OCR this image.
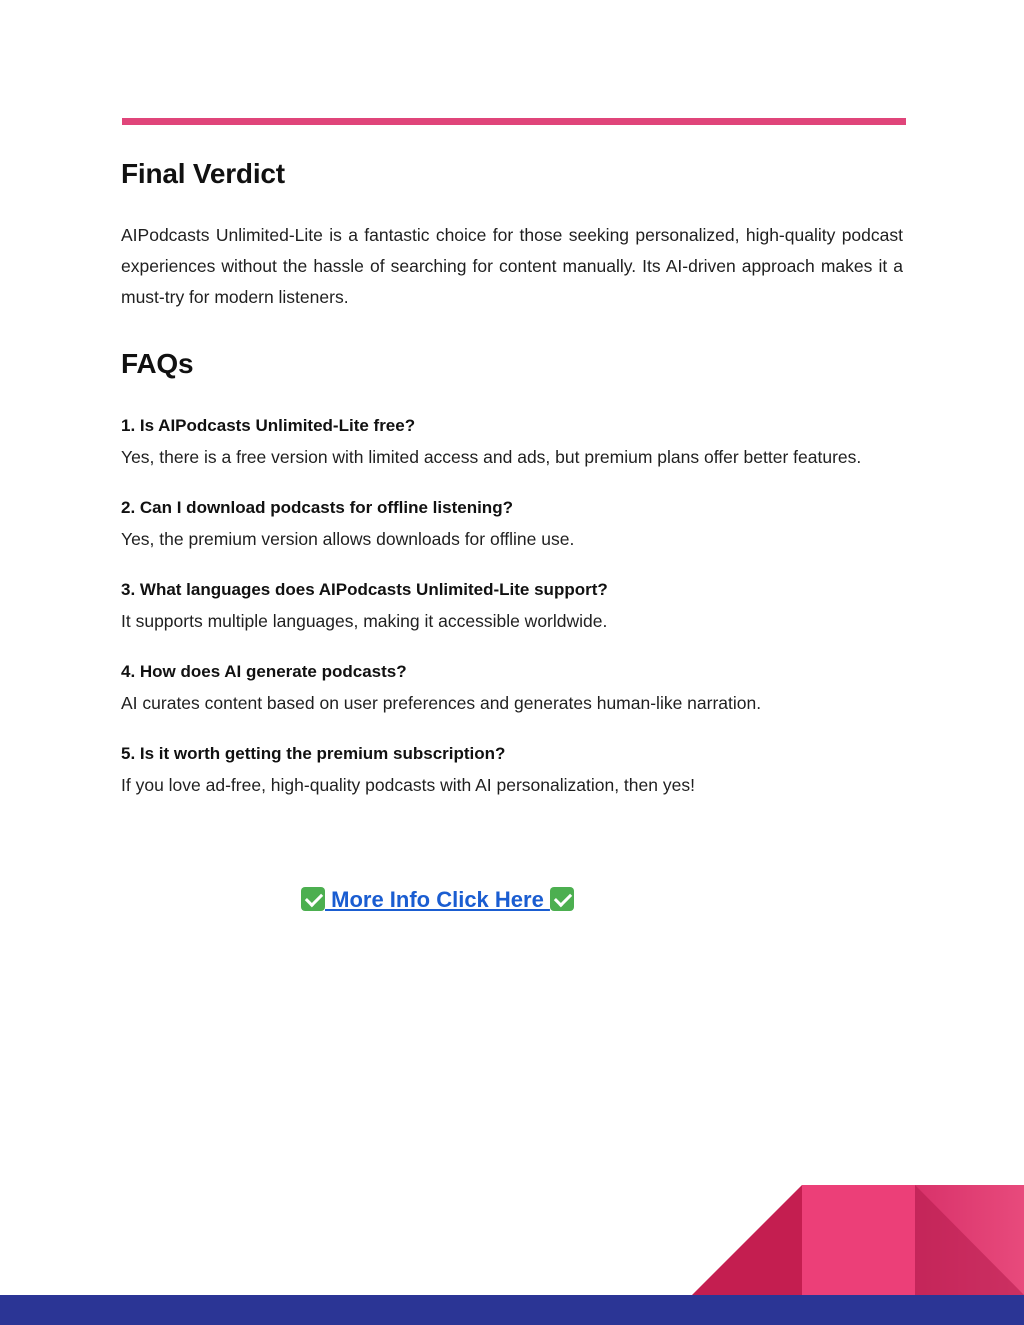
Final Verdict

AIPodcasts Unlimited-Lite is a fantastic choice for those seeking personalized, high-quality podcast experiences without the hassle of searching for content manually. Its AI-driven approach makes it a must-try for modern listeners.

FAQs
1. Is AIPodcasts Unlimited-Lite free?
Yes, there is a free version with limited access and ads, but premium plans offer better features.
2. Can I download podcasts for offline listening?
Yes, the premium version allows downloads for offline use.
3. What languages does AIPodcasts Unlimited-Lite support?
It supports multiple languages, making it accessible worldwide.
4. How does AI generate podcasts?
AI curates content based on user preferences and generates human-like narration.
5. Is it worth getting the premium subscription?
If you love ad-free, high-quality podcasts with AI personalization, then yes!
More Info Click Here
